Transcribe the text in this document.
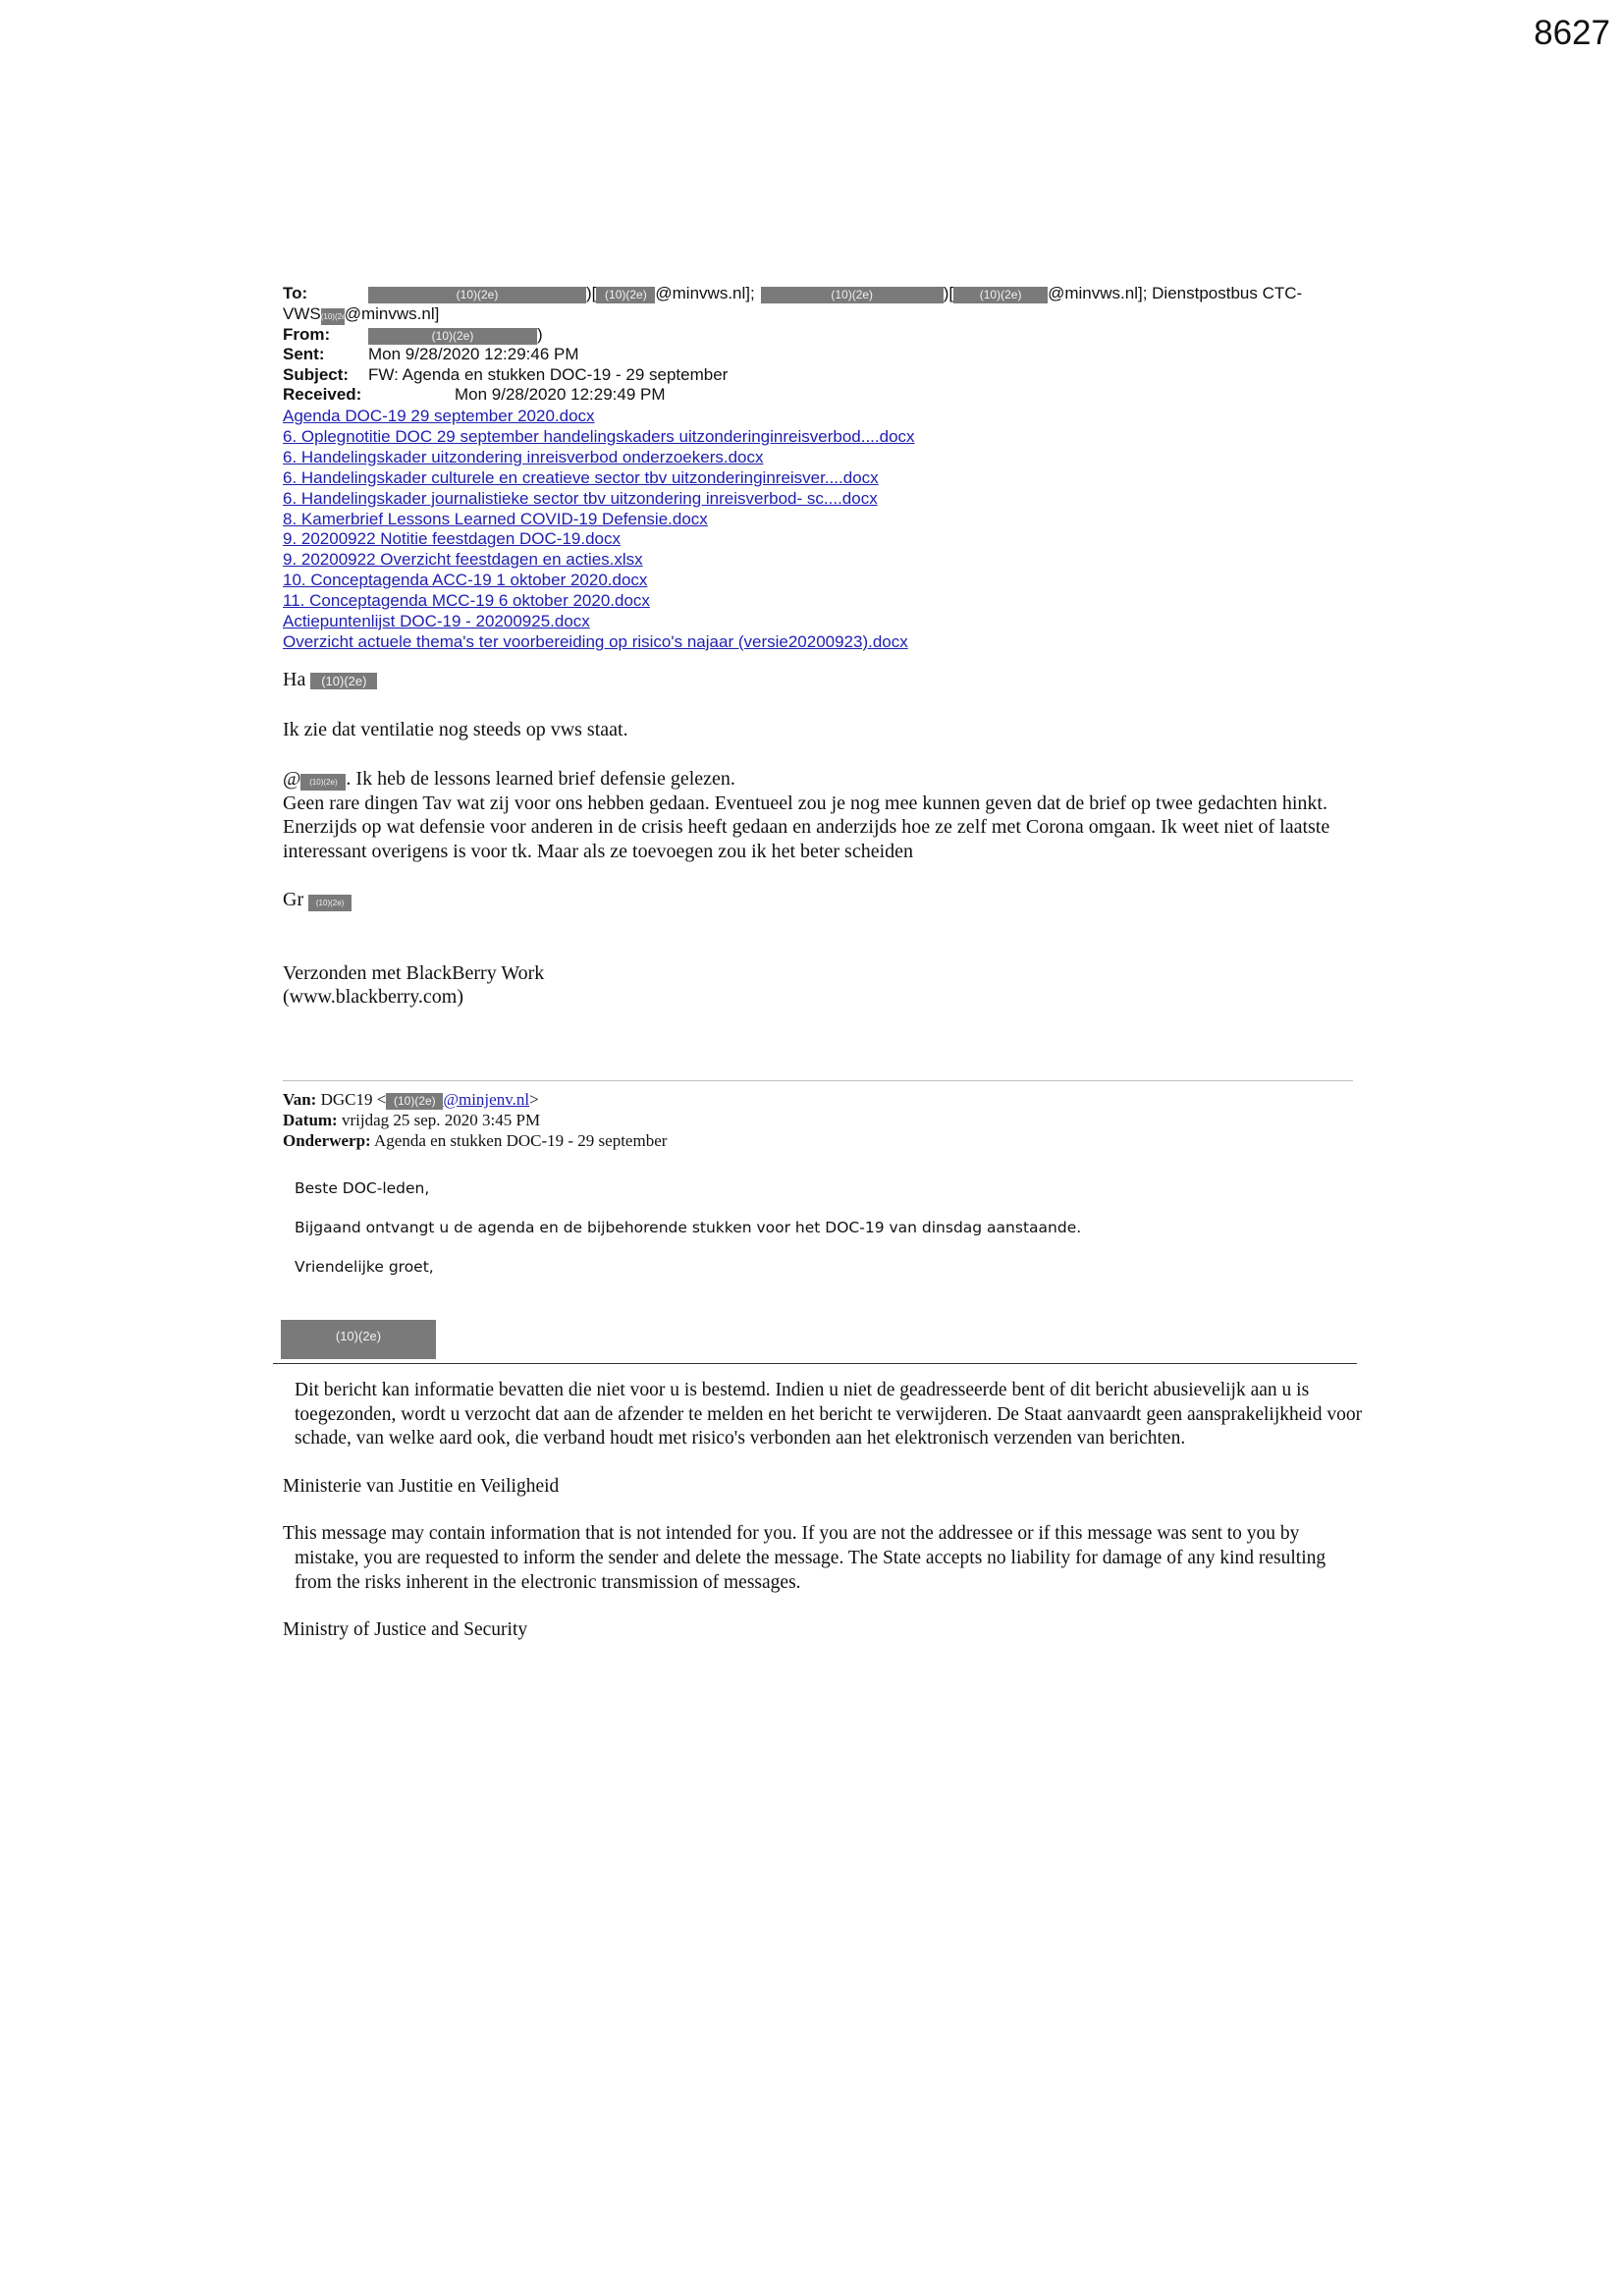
8627
To:	(10)(2e)	)[ (10)(2e) @minvws.nl];	(10)(2e)	)[	(10)(2e)	@minvws.nl]; Dienstpostbus CTC-
VWS (10)(2e)
@minvws.nl]
From:	(10)(2e)	)
Sent:	Mon 9/28/2020 12:29:46 PM
Subject:	FW: Agenda en stukken DOC-19 - 29 september
Received:	Mon 9/28/2020 12:29:49 PM
Agenda DOC-19 29 september 2020.docx
6. Oplegnotitie DOC 29 september handelingskaders uitzonderinginreisverbod....docx
6. Handelingskader uitzondering inreisverbod onderzoekers.docx
6. Handelingskader culturele en creatieve sector tbv uitzonderinginreisver....docx
6. Handelingskader journalistieke sector tbv uitzondering inreisverbod- sc....docx
8. Kamerbrief Lessons Learned COVID-19 Defensie.docx
9. 20200922 Notitie feestdagen DOC-19.docx
9. 20200922 Overzicht feestdagen en acties.xlsx
10. Conceptagenda ACC-19 1 oktober 2020.docx
11. Conceptagenda MCC-19 6 oktober 2020.docx
Actiepuntenlijst DOC-19 - 20200925.docx
Overzicht actuele thema's ter voorbereiding op risico's najaar (versie20200923).docx

Ha (10)(2e)

Ik zie dat ventilatie nog steeds op vws staat.

@ (10)(2e) . Ik heb de lessons learned brief defensie gelezen.

Geen rare dingen Tav wat zij voor ons hebben gedaan. Eventueel zou je nog mee kunnen geven dat de brief op twee gedachten hinkt.

Enerzijds op wat defensie voor anderen in de crisis heeft gedaan en anderzijds hoe ze zelf met Corona omgaan. Ik weet niet of laatste interessant overigens is voor tk. Maar als ze toevoegen zou ik het beter scheiden

Gr (10)(2e)

Verzonden met BlackBerry Work

(www.blackberry.com)

Van: DGC19 < (10)(2e) @minjenv.nl>
Datum: vrijdag 25 sep. 2020 3:45 PM
Onderwerp: Agenda en stukken DOC-19 - 29 september

Beste DOC-leden,

Bijgaand ontvangt u de agenda en de bijbehorende stukken voor het DOC-19 van dinsdag aanstaande.

Vriendelijke groet,

(10)(2e)

Dit bericht kan informatie bevatten die niet voor u is bestemd. Indien u niet de geadresseerde bent of dit bericht abusievelijk aan u is toegezonden, wordt u verzocht dat aan de afzender te melden en het bericht te verwijderen. De Staat aanvaardt geen aansprakelijkheid voor schade, van welke aard ook, die verband houdt met risico's verbonden aan het elektronisch verzenden van berichten.

Ministerie van Justitie en Veiligheid

This message may contain information that is not intended for you. If you are not the addressee or if this message was sent to you by mistake, you are requested to inform the sender and delete the message. The State accepts no liability for damage of any kind resulting from the risks inherent in the electronic transmission of messages.

Ministry of Justice and Security
